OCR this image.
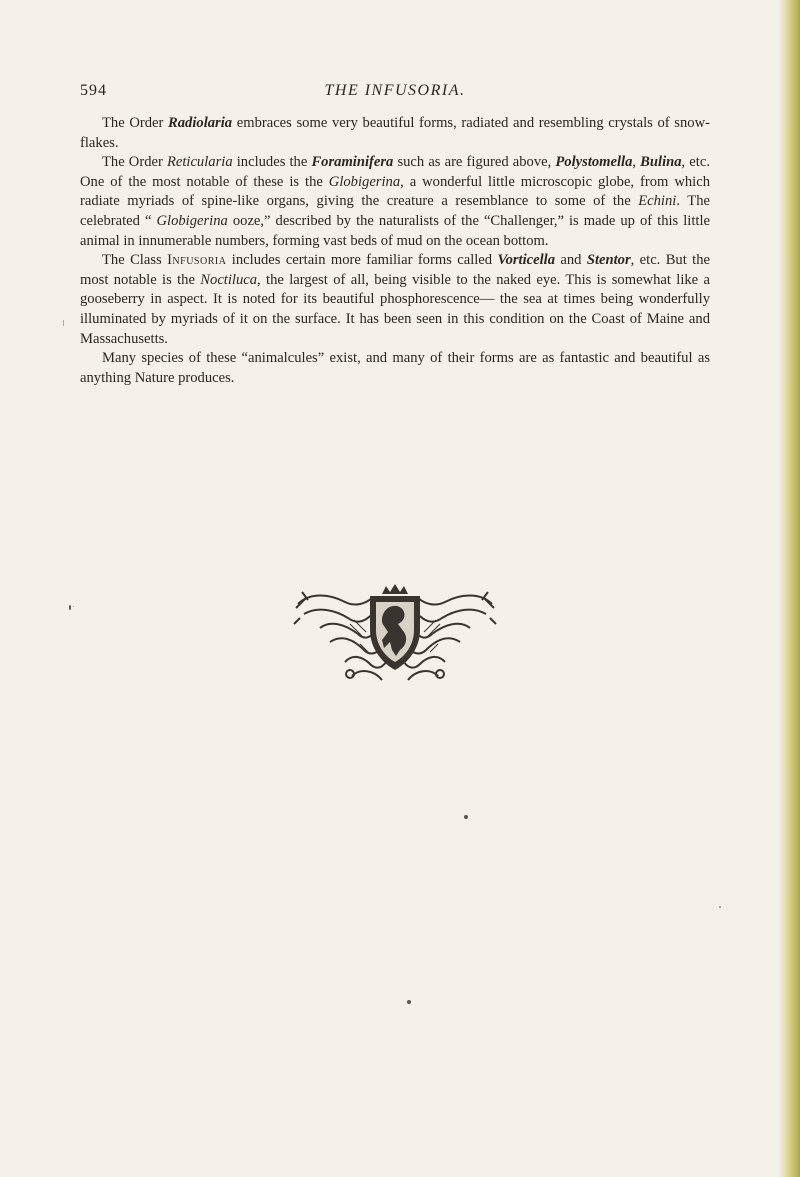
594	THE INFUSORIA.

The Order Radiolaria embraces some very beautiful forms, radiated and resembling crystals of snow-flakes.

The Order Reticularia includes the Foraminifera such as are figured above, Polystomella, Bulina, etc. One of the most notable of these is the Globigerina, a wonderful little microscopic globe, from which radiate myriads of spine-like organs, giving the creature a resemblance to some of the Echini. The celebrated “ Globigerina ooze,” described by the naturalists of the “Challenger,” is made up of this little animal in innumerable numbers, forming vast beds of mud on the ocean bottom.

The Class Infusoria includes certain more familiar forms called Vorticella and Stentor, etc. But the most notable is the Noctiluca, the largest of all, being visible to the naked eye. This is somewhat like a gooseberry in aspect. It is noted for its beautiful phosphorescence— the sea at times being wonderfully illuminated by myriads of it on the surface. It has been seen in this condition on the Coast of Maine and Massachusetts.

Many species of these “animalcules” exist, and many of their forms are as fantastic and beautiful as anything Nature produces.
